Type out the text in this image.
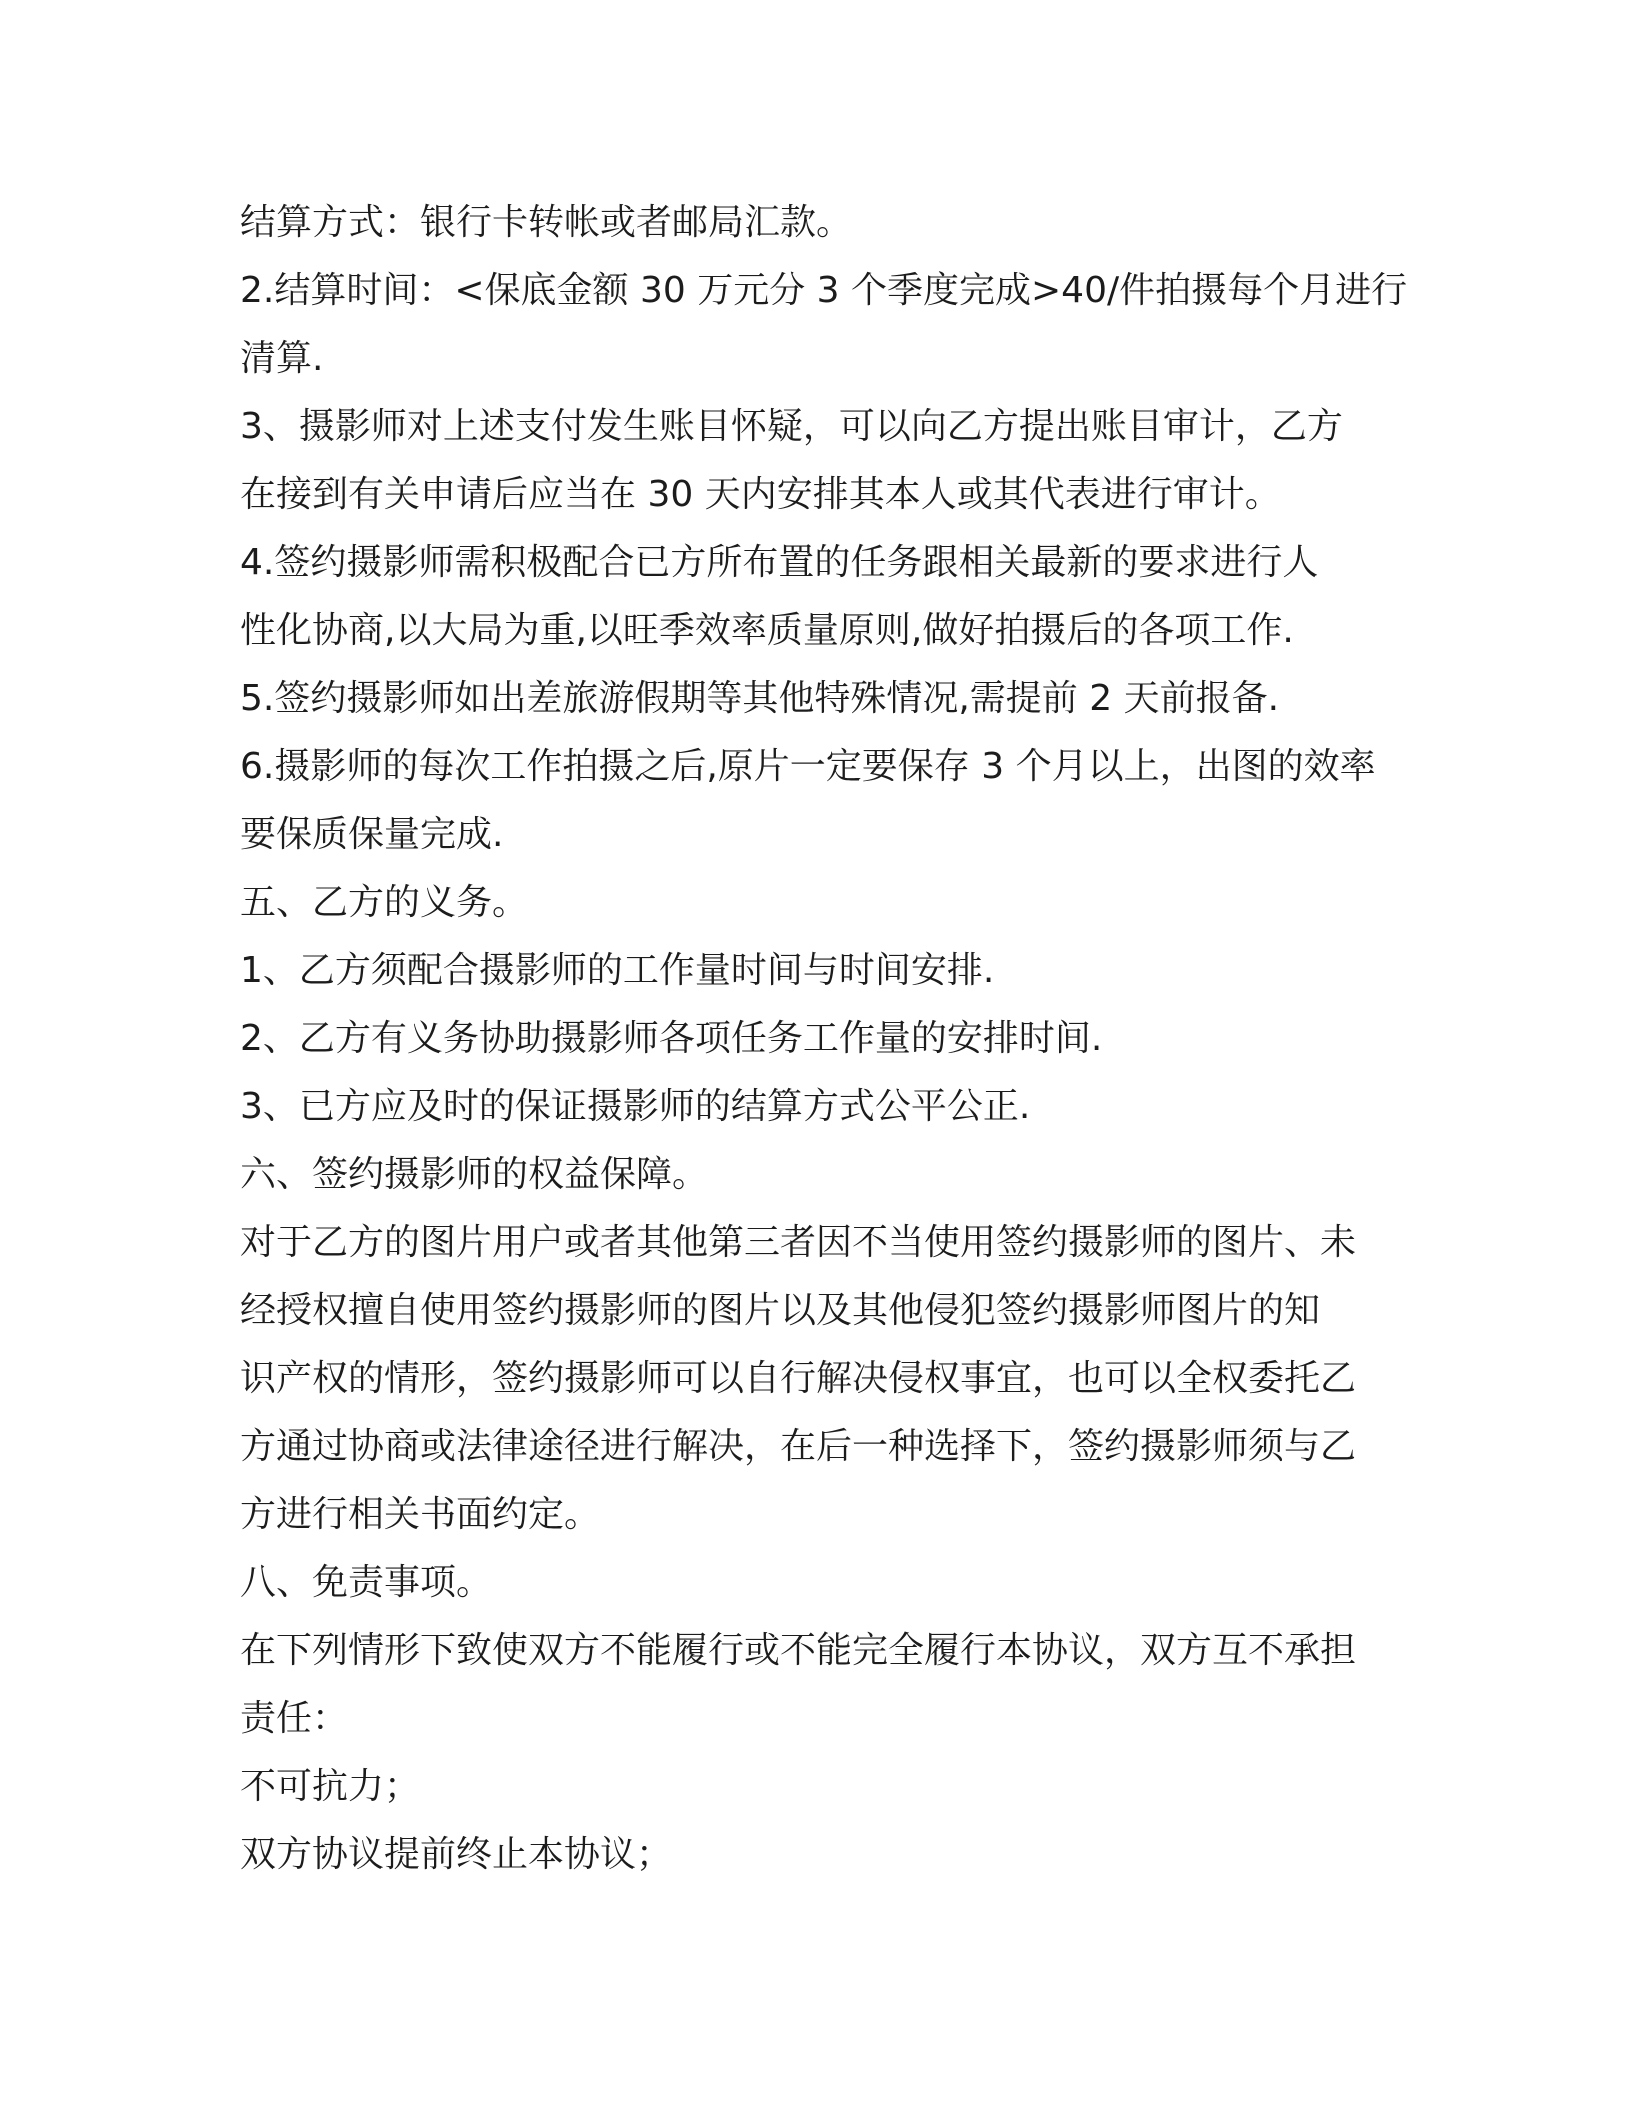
结算方式：银行卡转帐或者邮局汇款。
2.结算时间：<保底金额 30 万元分 3 个季度完成>40/件拍摄每个月进行
清算.
3、摄影师对上述支付发生账目怀疑，可以向乙方提出账目审计，乙方
在接到有关申请后应当在 30 天内安排其本人或其代表进行审计。
4.签约摄影师需积极配合已方所布置的任务跟相关最新的要求进行人
性化协商,以大局为重,以旺季效率质量原则,做好拍摄后的各项工作.
5.签约摄影师如出差旅游假期等其他特殊情况,需提前 2 天前报备.
6.摄影师的每次工作拍摄之后,原片一定要保存 3 个月以上，出图的效率
要保质保量完成.
五、乙方的义务。
1、乙方须配合摄影师的工作量时间与时间安排.
2、乙方有义务协助摄影师各项任务工作量的安排时间.
3、已方应及时的保证摄影师的结算方式公平公正.
六、签约摄影师的权益保障。
对于乙方的图片用户或者其他第三者因不当使用签约摄影师的图片、未
经授权擅自使用签约摄影师的图片以及其他侵犯签约摄影师图片的知
识产权的情形，签约摄影师可以自行解决侵权事宜，也可以全权委托乙
方通过协商或法律途径进行解决，在后一种选择下，签约摄影师须与乙
方进行相关书面约定。
八、免责事项。
在下列情形下致使双方不能履行或不能完全履行本协议，双方互不承担
责任：
不可抗力；
双方协议提前终止本协议；
